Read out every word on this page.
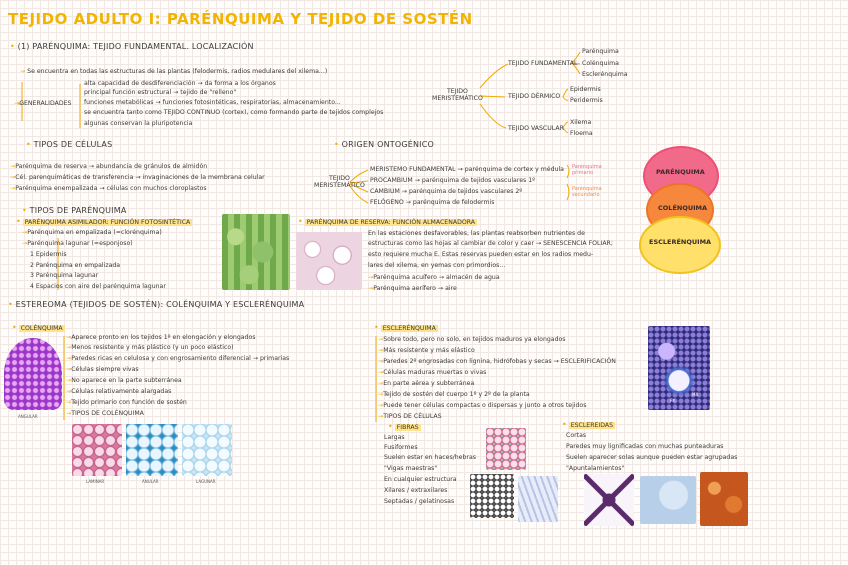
TEJIDO ADULTO I: PARÉNQUIMA Y TEJIDO DE SOSTÉN
• (1) PARÉNQUIMA: TEJIDO FUNDAMENTAL. LOCALIZACIÓN
→ Se encuentra en todas las estructuras de las plantas (felodermis, radios medulares del xilema...)
→GENERALIDADES
alta capacidad de desdiferenciación → da forma a los órganos
principal función estructural → tejido de "relleno"
funciones metabólicas → funciones fotosintéticas, respiratorias, almacenamiento...
se encuentra tanto como TEJIDO CONTINUO (cortex), como formando parte de tejidos complejos
algunas conservan la pluripotencia
TEJIDO
MERISTEMÁTICO
TEJIDO FUNDAMENTAL
Parénquima
Colénquima
Esclerénquima
TEJIDO DÉRMICO
Epidermis
Peridermis
TEJIDO VASCULAR
Xilema
Floema
• TIPOS DE CÉLULAS
→Parénquima de reserva → abundancia de gránulos de almidón
→Cél. parenquimáticas de transferencia → invaginaciones de la membrana celular
→Parénquima enempalizada → células con muchos cloroplastos
• ORIGEN ONTOGÉNICO
TEJIDO
MERISTEMÁTICO
MERISTEMO FUNDAMENTAL → parénquima de cortex y médula
PROCAMBIUM → parénquima de tejidos vasculares 1º
CAMBIUM → parénquima de tejidos vasculares 2º
FELÓGENO → parénquima de felodermis
Parénquima
primario
Parénquima
secundario
PARÉNQUIMA
COLÉNQUIMA
ESCLERÉNQUIMA
• TIPOS DE PARÉNQUIMA
• PARÉNQUIMA ASIMILADOR: FUNCIÓN FOTOSINTÉTICA
→Parénquima en empalizada (=clorénquima)
→Parénquima lagunar (=esponjoso)
1 Epidermis
2 Parénquima en empalizada
3 Parénquima lagunar
4 Espacios con aire del parénquima lagunar
• PARÉNQUIMA DE RESERVA: FUNCIÓN ALMACENADORA
En las estaciones desfavorables, las plantas reabsorben nutrientes de
estructuras como las hojas al cambiar de color y caer → SENESCENCIA FOLIAR;
esto requiere mucha E. Estas reservas pueden estar en los radios medu-
lares del xilema, en yemas con primordios...
→Parénquima acuífero → almacén de agua
→Parénquima aerífero → aire
• ESTEREOMA (TEJIDOS DE SOSTÉN): COLÉNQUIMA Y ESCLERÉNQUIMA
• COLÉNQUIMA
ANGULAR
→Aparece pronto en los tejidos 1º en elongación y elongados
→Menos resistente y más plástico (y un poco elástico)
→Paredes ricas en celulosa y con engrosamiento diferencial → primarias
→Células siempre vivas
→No aparece en la parte subterránea
→Células relativamente alargadas
→Tejido primario con función de sostén
→TIPOS DE COLÉNQUIMA
LAMINAR	ANULAR	LAGUNAR
• ESCLERÉNQUIMA
→Sobre todo, pero no solo, en tejidos maduros ya elongados
→Más resistente y más elástico
→Paredes 2º engrosadas con lignina, hidrófobas y secas → ESCLERIFICACIÓN
→Células maduras muertas o vivas
→En parte aérea y subterránea
→Tejido de sostén del cuerpo 1º y 2º de la planta
→Puede tener células compactas o dispersas y junto a otros tejidos
→TIPOS DE CÉLULAS
PX
MX
• FIBRAS
Largas
Fusiformes
Suelen estar en haces/hebras
"Vigas maestras"
En cualquier estructura
Xilares / extraxilares
Septadas / gelatinosas
• ESCLEREIDAS
Cortas
Paredes muy lignificadas con muchas punteaduras
Suelen aparecer solas aunque pueden estar agrupadas
"Apuntalamientos"
